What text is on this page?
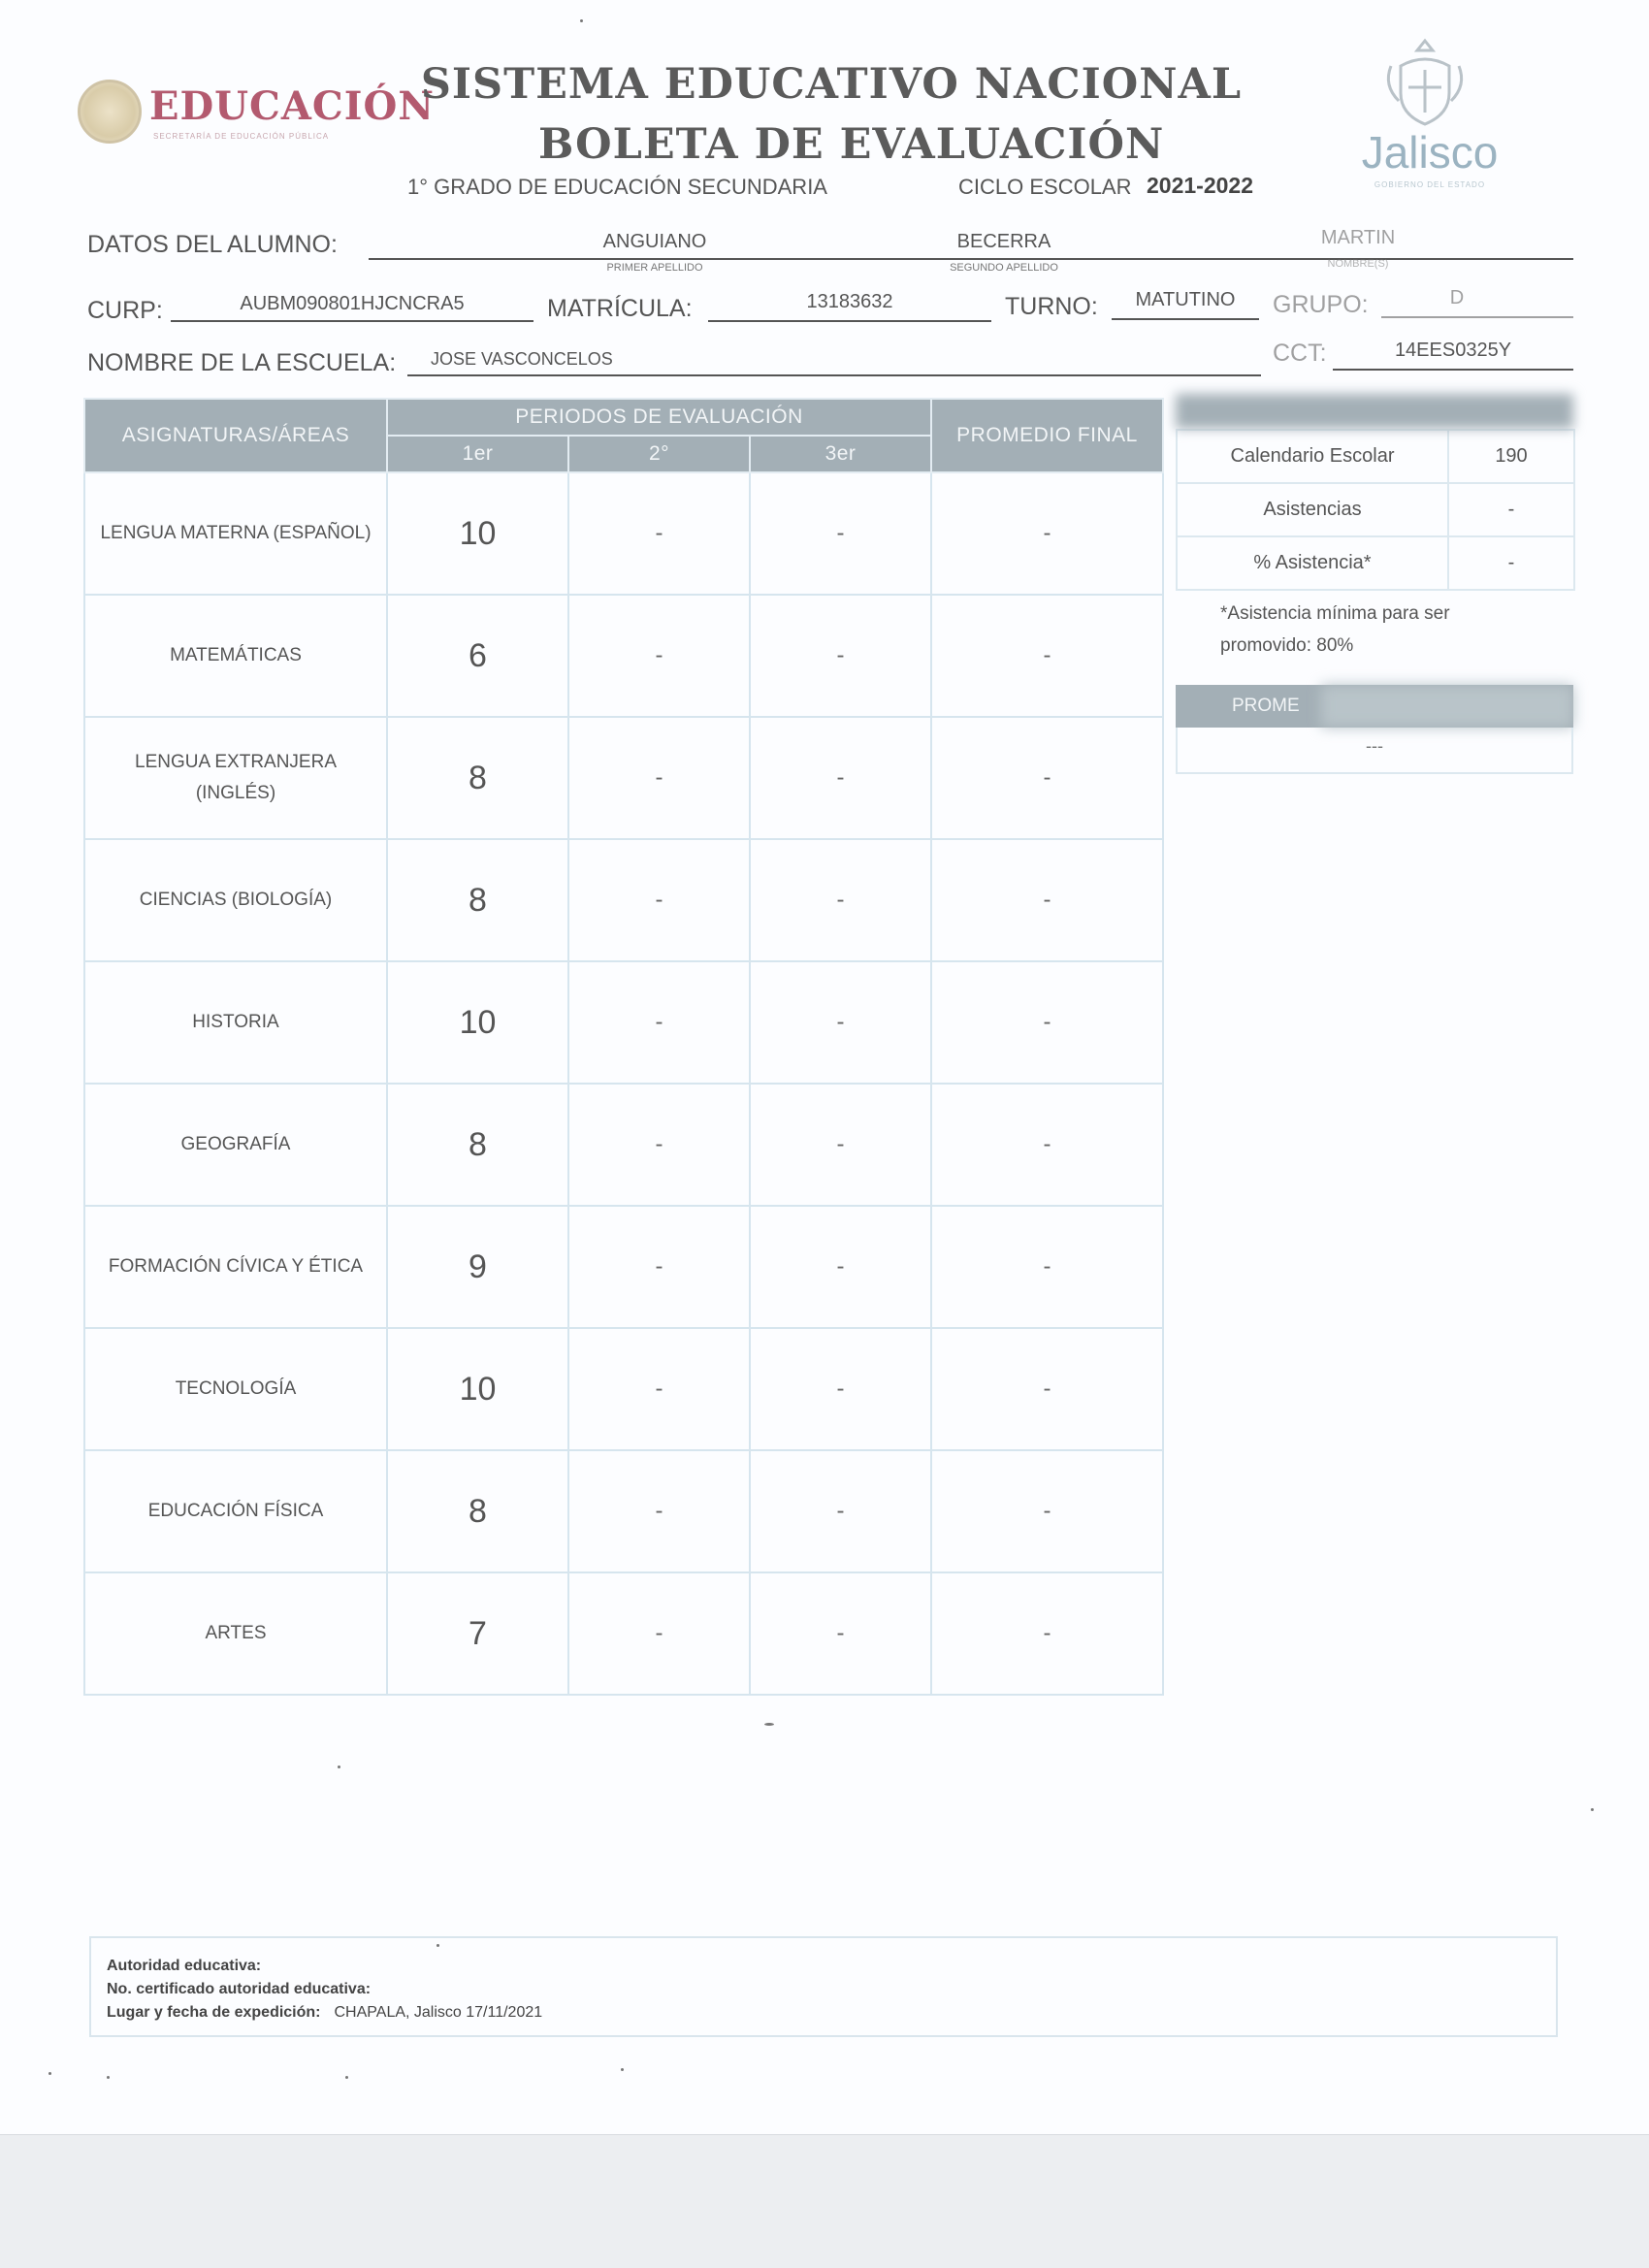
EDUCACIÓN
SECRETARÍA DE EDUCACIÓN PÚBLICA
SISTEMA EDUCATIVO NACIONAL
BOLETA DE EVALUACIÓN
1° GRADO DE EDUCACIÓN SECUNDARIA	CICLO ESCOLAR 2021-2022
Jalisco
GOBIERNO DEL ESTADO
DATOS DEL ALUMNO:	ANGUIANO
PRIMER APELLIDO
BECERRA
SEGUNDO APELLIDO
MARTIN
NOMBRE(S)
CURP:	AUBM090801HJCNCRA5	MATRÍCULA:	13183632	TURNO:	MATUTINO	GRUPO:	D
NOMBRE DE LA ESCUELA: JOSE VASCONCELOS	CCT:	14EES0325Y
ASIGNATURAS/ÁREAS	PERIODOS DE EVALUACIÓN			PROMEDIO FINAL
	1er	2°	3er	
LENGUA MATERNA (ESPAÑOL)	10	-	-	-
MATEMÁTICAS	6	-	-	-
LENGUA EXTRANJERA (INGLÉS)	8	-	-	-
CIENCIAS (BIOLOGÍA)	8	-	-	-
HISTORIA	10	-	-	-
GEOGRAFÍA	8	-	-	-
FORMACIÓN CÍVICA Y ÉTICA	9	-	-	-
TECNOLOGÍA	10	-	-	-
EDUCACIÓN FÍSICA	8	-	-	-
ARTES	7	-	-	-
Calendario Escolar	190
Asistencias	-
% Asistencia*	-
*Asistencia mínima para ser promovido: 80%
PROME
---
Autoridad educativa:
No. certificado autoridad educativa:
Lugar y fecha de expedición: CHAPALA, Jalisco 17/11/2021
